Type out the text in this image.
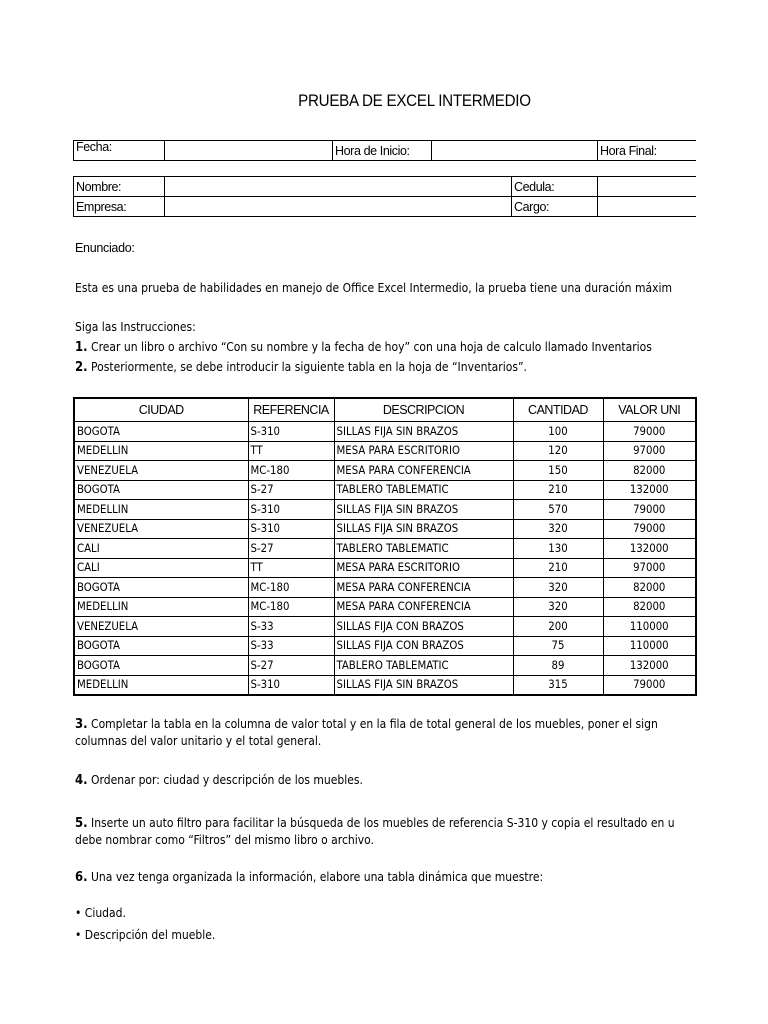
PRUEBA DE EXCEL INTERMEDIO
Fecha:		Hora de Inicio:		Hora Final:
Nombre:		Cedula:	
Empresa:		Cargo:	
Enunciado:
Esta es una prueba de habilidades en manejo de Office Excel Intermedio, la prueba tiene una duración máxim
Siga las Instrucciones:
1. Crear un libro o archivo “Con su nombre y la fecha de hoy” con una hoja de calculo llamado Inventarios
2. Posteriormente, se debe introducir la siguiente tabla en la hoja de “Inventarios”.
CIUDAD	REFERENCIA	DESCRIPCION	CANTIDAD	VALOR UNI
BOGOTA	S-310	SILLAS FIJA SIN BRAZOS	100	79000
MEDELLIN	TT	MESA PARA ESCRITORIO	120	97000
VENEZUELA	MC-180	MESA PARA CONFERENCIA	150	82000
BOGOTA	S-27	TABLERO TABLEMATIC	210	132000
MEDELLIN	S-310	SILLAS FIJA SIN BRAZOS	570	79000
VENEZUELA	S-310	SILLAS FIJA SIN BRAZOS	320	79000
CALI	S-27	TABLERO TABLEMATIC	130	132000
CALI	TT	MESA PARA ESCRITORIO	210	97000
BOGOTA	MC-180	MESA PARA CONFERENCIA	320	82000
MEDELLIN	MC-180	MESA PARA CONFERENCIA	320	82000
VENEZUELA	S-33	SILLAS FIJA CON BRAZOS	200	110000
BOGOTA	S-33	SILLAS FIJA CON BRAZOS	75	110000
BOGOTA	S-27	TABLERO TABLEMATIC	89	132000
MEDELLIN	S-310	SILLAS FIJA SIN BRAZOS	315	79000
3. Completar la tabla en la columna de valor total y en la fila de total general de los muebles, poner el sign
columnas del valor unitario y el total general.
4. Ordenar por: ciudad y descripción de los muebles.
5. Inserte un auto filtro para facilitar la búsqueda de los muebles de referencia S-310 y copia el resultado en u
debe nombrar como “Filtros” del mismo libro o archivo.
6. Una vez tenga organizada la información, elabore una tabla dinámica que muestre:
• Ciudad.
• Descripción del mueble.
